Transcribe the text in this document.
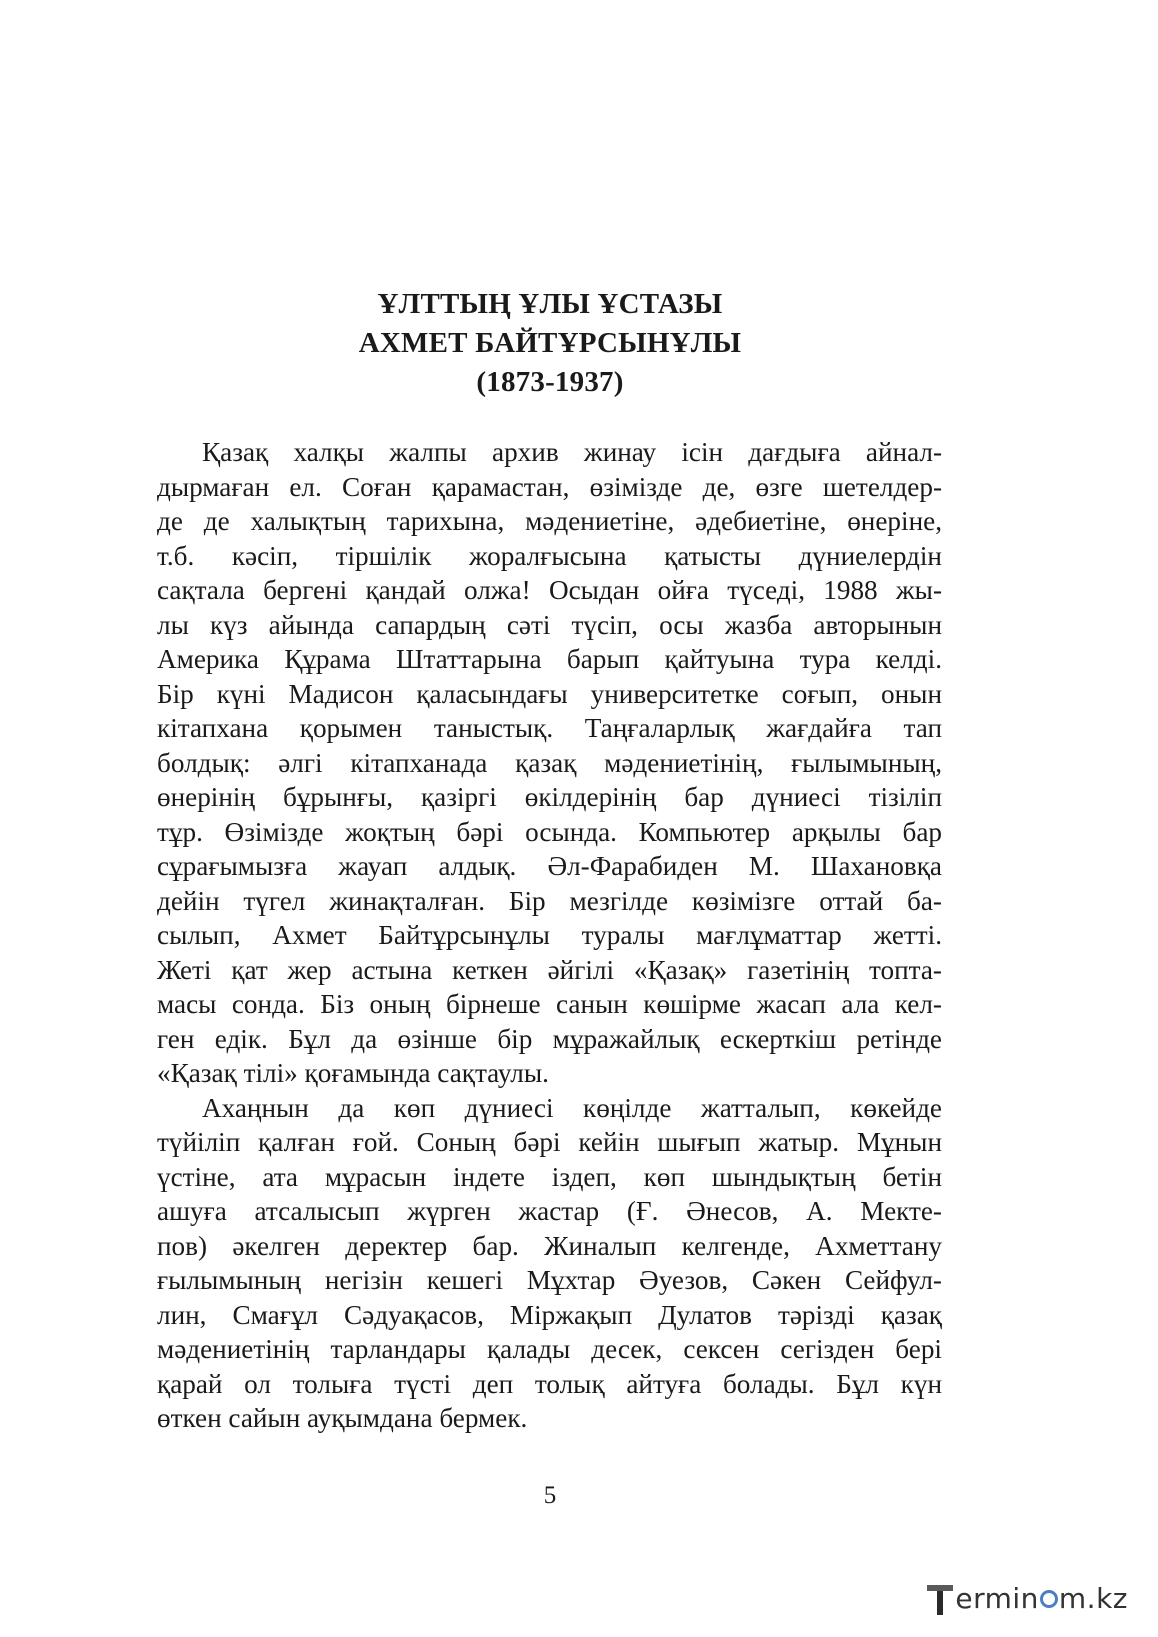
ҰЛТТЫҢ ҰЛЫ ҰСТАЗЫ
АХМЕТ БАЙТҰРСЫНҰЛЫ
(1873-1937)
Қазақ халқы жалпы архив жинау ісін дағдыға айнал-
дырмаған ел. Соған қарамастан, өзімізде де, өзге шетелдер-
де де халықтың тарихына, мәдениетіне, әдебиетіне, өнеріне,
т.б. кәсіп, тіршілік жоралғысына қатысты дүниелердін
сақтала бергені қандай олжа! Осыдан ойға түседі, 1988 жы-
лы күз айында сапардың сәті түсіп, осы жазба авторынын
Америка Құрама Штаттарына барып қайтуына тура келді.
Бір күні Мадисон қаласындағы университетке соғып, онын
кітапхана қорымен таныстық. Таңғаларлық жағдайға тап
болдық: әлгі кітапханада қазақ мәдениетінің, ғылымының,
өнерінің бұрынғы, қазіргі өкілдерінің бар дүниесі тізіліп
тұр. Өзімізде жоқтың бәрі осында. Компьютер арқылы бар
сұрағымызға жауап алдық. Әл-Фарабиден М. Шахановқа
дейін түгел жинақталған. Бір мезгілде көзімізге оттай ба-
сылып, Ахмет Байтұрсынұлы туралы мағлұматтар жетті.
Жеті қат жер астына кеткен әйгілі «Қазақ» газетінің топта-
масы сонда. Біз оның бірнеше санын көшірме жасап ала кел-
ген едік. Бұл да өзінше бір мұражайлық ескерткіш ретінде
«Қазақ тілі» қоғамында сақтаулы.
Ахаңнын да көп дүниесі көңілде жатталып, көкейде
түйіліп қалған ғой. Соның бәрі кейін шығып жатыр. Мұнын
үстіне, ата мұрасын індете іздеп, көп шындықтың бетін
ашуға атсалысып жүрген жастар (Ғ. Әнесов, А. Мекте-
пов) әкелген деректер бар. Жиналып келгенде, Ахметтану
ғылымының негізін кешегі Мұхтар Әуезов, Сәкен Сейфул-
лин, Смағұл Сәдуақасов, Міржақып Дулатов тәрізді қазақ
мәдениетінің тарландары қалады десек, сексен сегізден бері
қарай ол толыға түсті деп толық айтуға болады. Бұл күн
өткен сайын ауқымдана бермек.
5
ermin m.kz
